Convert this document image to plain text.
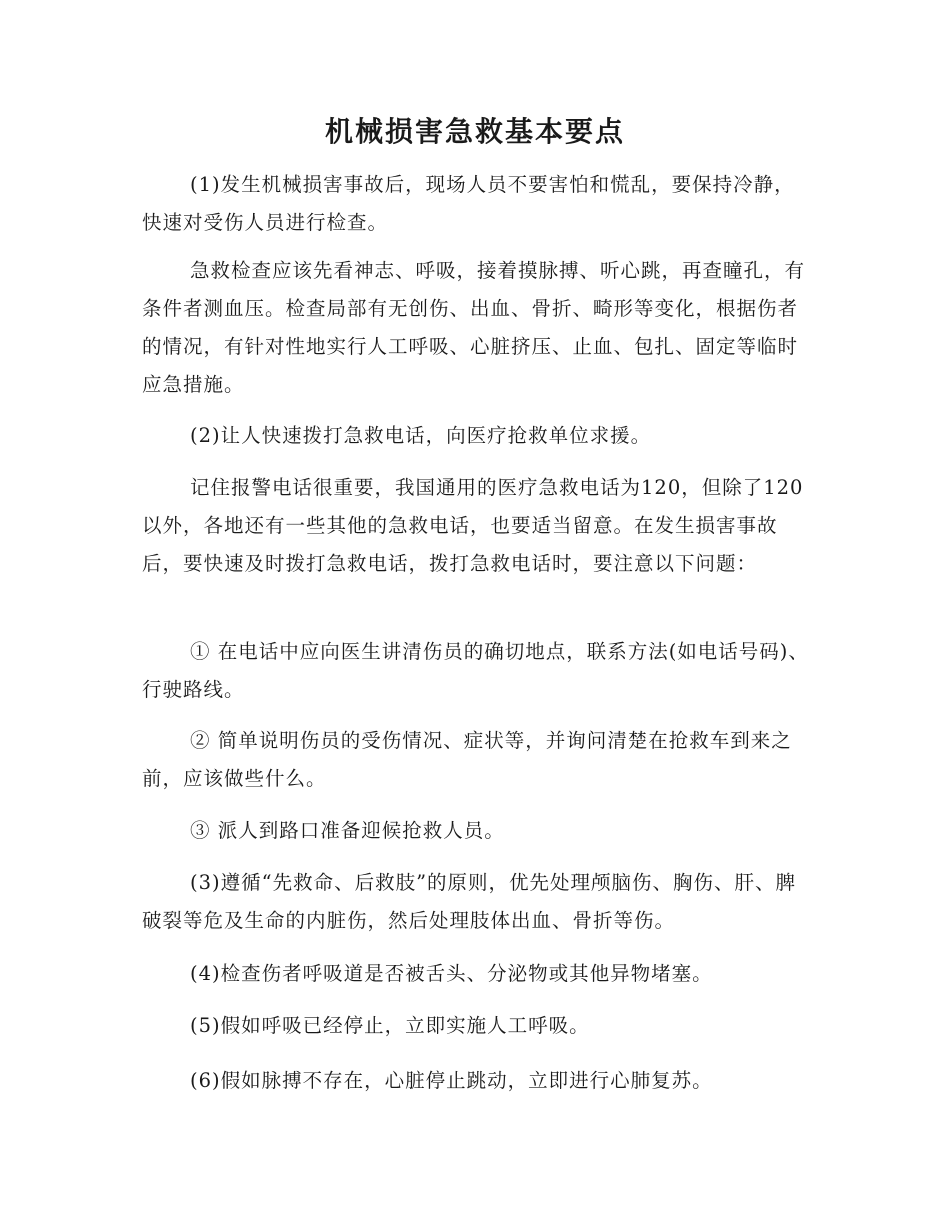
机械损害急救基本要点

(1)发生机械损害事故后，现场人员不要害怕和慌乱，要保持冷静，快速对受伤人员进行检查。

急救检查应该先看神志、呼吸，接着摸脉搏、听心跳，再查瞳孔，有条件者测血压。检查局部有无创伤、出血、骨折、畸形等变化，根据伤者的情况，有针对性地实行人工呼吸、心脏挤压、止血、包扎、固定等临时应急措施。

(2)让人快速拨打急救电话，向医疗抢救单位求援。

记住报警电话很重要，我国通用的医疗急救电话为120，但除了120以外，各地还有一些其他的急救电话，也要适当留意。在发生损害事故后，要快速及时拨打急救电话，拨打急救电话时，要注意以下问题：

① 在电话中应向医生讲清伤员的确切地点，联系方法(如电话号码)、行驶路线。

② 简单说明伤员的受伤情况、症状等，并询问清楚在抢救车到来之前，应该做些什么。

③ 派人到路口准备迎候抢救人员。

(3)遵循“先救命、后救肢”的原则，优先处理颅脑伤、胸伤、肝、脾破裂等危及生命的内脏伤，然后处理肢体出血、骨折等伤。

(4)检查伤者呼吸道是否被舌头、分泌物或其他异物堵塞。

(5)假如呼吸已经停止，立即实施人工呼吸。

(6)假如脉搏不存在，心脏停止跳动，立即进行心肺复苏。
